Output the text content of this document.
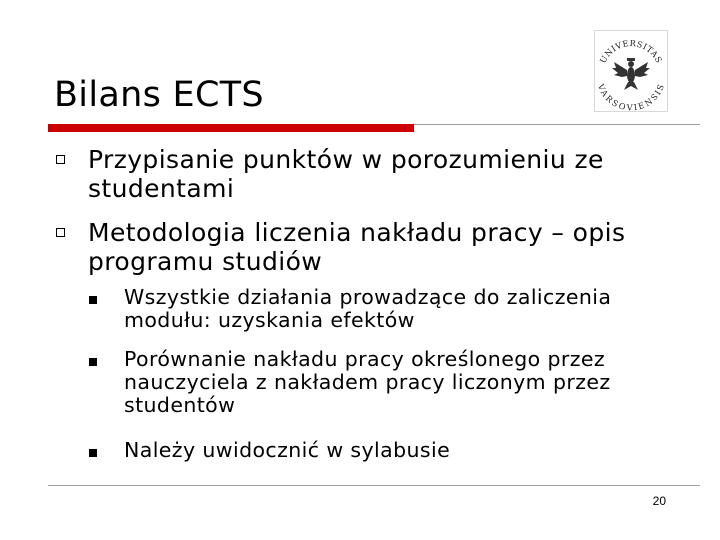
Bilans ECTS
UNIVERSITAS
VARSOVIENSIS
Przypisanie punktów w porozumieniu ze studentami
Metodologia liczenia nakładu pracy – opis programu studiów
Wszystkie działania prowadzące do zaliczenia modułu: uzyskania efektów
Porównanie nakładu pracy określonego przez nauczyciela z nakładem pracy liczonym przez studentów
Należy uwidocznić w sylabusie
20
